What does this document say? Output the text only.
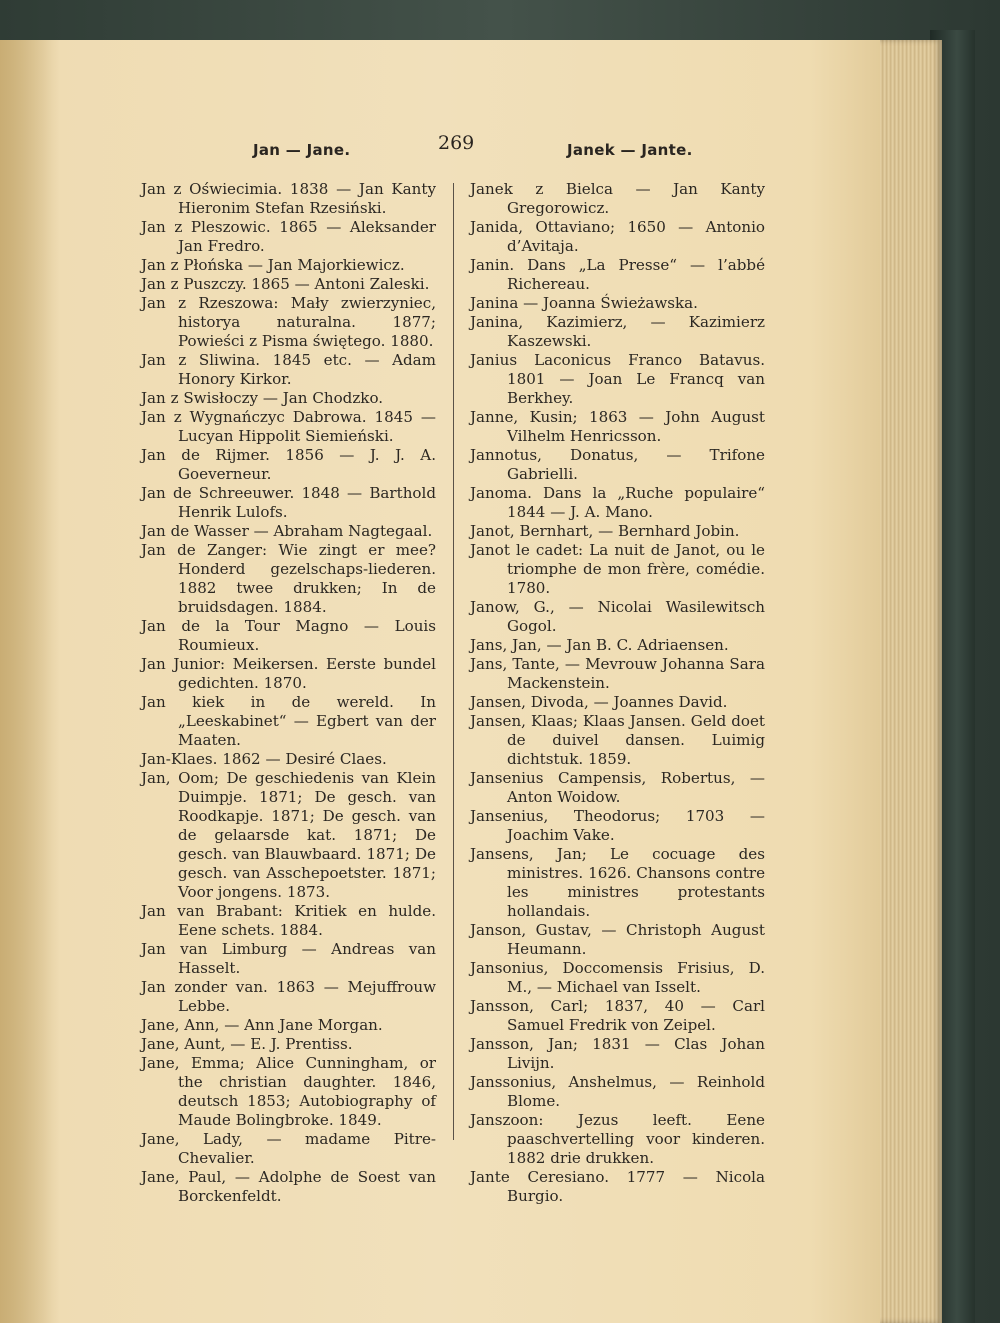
Jan — Jane.	269	Janek — Jante.
Jan z Oświecimia. 1838 — Jan Kanty Hieronim Stefan Rzesiński.
Jan z Pleszowic. 1865 — Aleksander Jan Fredro.
Jan z Płońska — Jan Majorkiewicz.
Jan z Puszczy. 1865 — Antoni Zaleski.
Jan z Rzeszowa: Mały zwierzyniec, historya naturalna. 1877; Powieści z Pisma świętego. 1880.
Jan z Sliwina. 1845 etc. — Adam Honory Kirkor.
Jan z Swisłoczy — Jan Chodzko.
Jan z Wygnańczyc Dabrowa. 1845 — Lucyan Hippolit Siemieński.
Jan de Rijmer. 1856 — J. J. A. Goeverneur.
Jan de Schreeuwer. 1848 — Barthold Henrik Lulofs.
Jan de Wasser — Abraham Nagtegaal.
Jan de Zanger: Wie zingt er mee? Honderd gezelschaps-liederen. 1882 twee drukken; In de bruidsdagen. 1884.
Jan de la Tour Magno — Louis Roumieux.
Jan Junior: Meikersen. Eerste bundel gedichten. 1870.
Jan kiek in de wereld. In „Leeskabinet“ — Egbert van der Maaten.
Jan-Klaes. 1862 — Desiré Claes.
Jan, Oom; De geschiedenis van Klein Duimpje. 1871; De gesch. van Roodkapje. 1871; De gesch. van de gelaarsde kat. 1871; De gesch. van Blauwbaard. 1871; De gesch. van Asschepoetster. 1871; Voor jongens. 1873.
Jan van Brabant: Kritiek en hulde. Eene schets. 1884.
Jan van Limburg — Andreas van Hasselt.
Jan zonder van. 1863 — Mejuffrouw Lebbe.
Jane, Ann, — Ann Jane Morgan.
Jane, Aunt, — E. J. Prentiss.
Jane, Emma; Alice Cunningham, or the christian daughter. 1846, deutsch 1853; Autobiography of Maude Bolingbroke. 1849.
Jane, Lady, — madame Pitre-Chevalier.
Jane, Paul, — Adolphe de Soest van Borckenfeldt.
Janek z Bielca — Jan Kanty Gregorowicz.
Janida, Ottaviano; 1650 — Antonio d’Avitaja.
Janin. Dans „La Presse“ — l’abbé Richereau.
Janina — Joanna Świeżawska.
Janina, Kazimierz, — Kazimierz Kaszewski.
Janius Laconicus Franco Batavus. 1801 — Joan Le Francq van Berkhey.
Janne, Kusin; 1863 — John August Vilhelm Henricsson.
Jannotus, Donatus, — Trifone Gabrielli.
Janoma. Dans la „Ruche populaire“ 1844 — J. A. Mano.
Janot, Bernhart, — Bernhard Jobin.
Janot le cadet: La nuit de Janot, ou le triomphe de mon frère, comédie. 1780.
Janow, G., — Nicolai Wasilewitsch Gogol.
Jans, Jan, — Jan B. C. Adriaensen.
Jans, Tante, — Mevrouw Johanna Sara Mackenstein.
Jansen, Divoda, — Joannes David.
Jansen, Klaas; Klaas Jansen. Geld doet de duivel dansen. Luimig dichtstuk. 1859.
Jansenius Campensis, Robertus, — Anton Woidow.
Jansenius, Theodorus; 1703 — Joachim Vake.
Jansens, Jan; Le cocuage des ministres. 1626. Chansons contre les ministres protestants hollandais.
Janson, Gustav, — Christoph August Heumann.
Jansonius, Doccomensis Frisius, D. M., — Michael van Isselt.
Jansson, Carl; 1837, 40 — Carl Samuel Fredrik von Zeipel.
Jansson, Jan; 1831 — Clas Johan Livijn.
Janssonius, Anshelmus, — Reinhold Blome.
Janszoon: Jezus leeft. Eene paaschvertelling voor kinderen. 1882 drie drukken.
Jante Ceresiano. 1777 — Nicola Burgio.
